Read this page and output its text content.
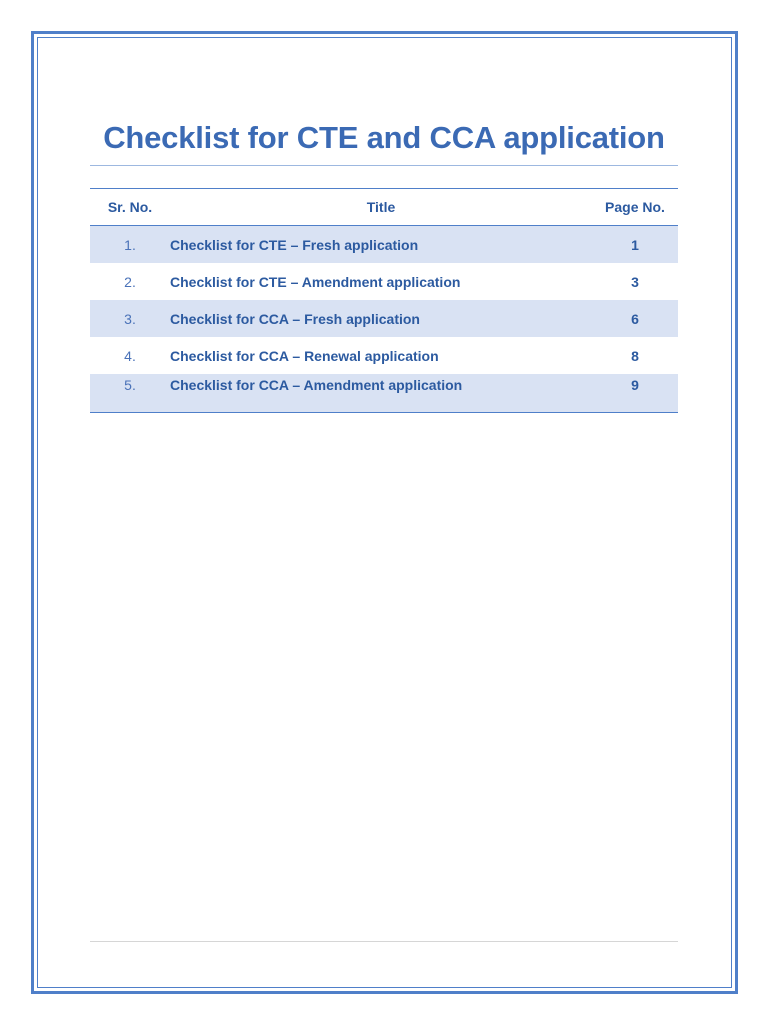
Checklist for CTE and CCA application
Sr. No.	Title	Page No.
1.	Checklist for CTE – Fresh application	1
2.	Checklist for CTE – Amendment application	3
3.	Checklist for CCA – Fresh application	6
4.	Checklist for CCA – Renewal application	8
5.	Checklist for CCA – Amendment application	9
